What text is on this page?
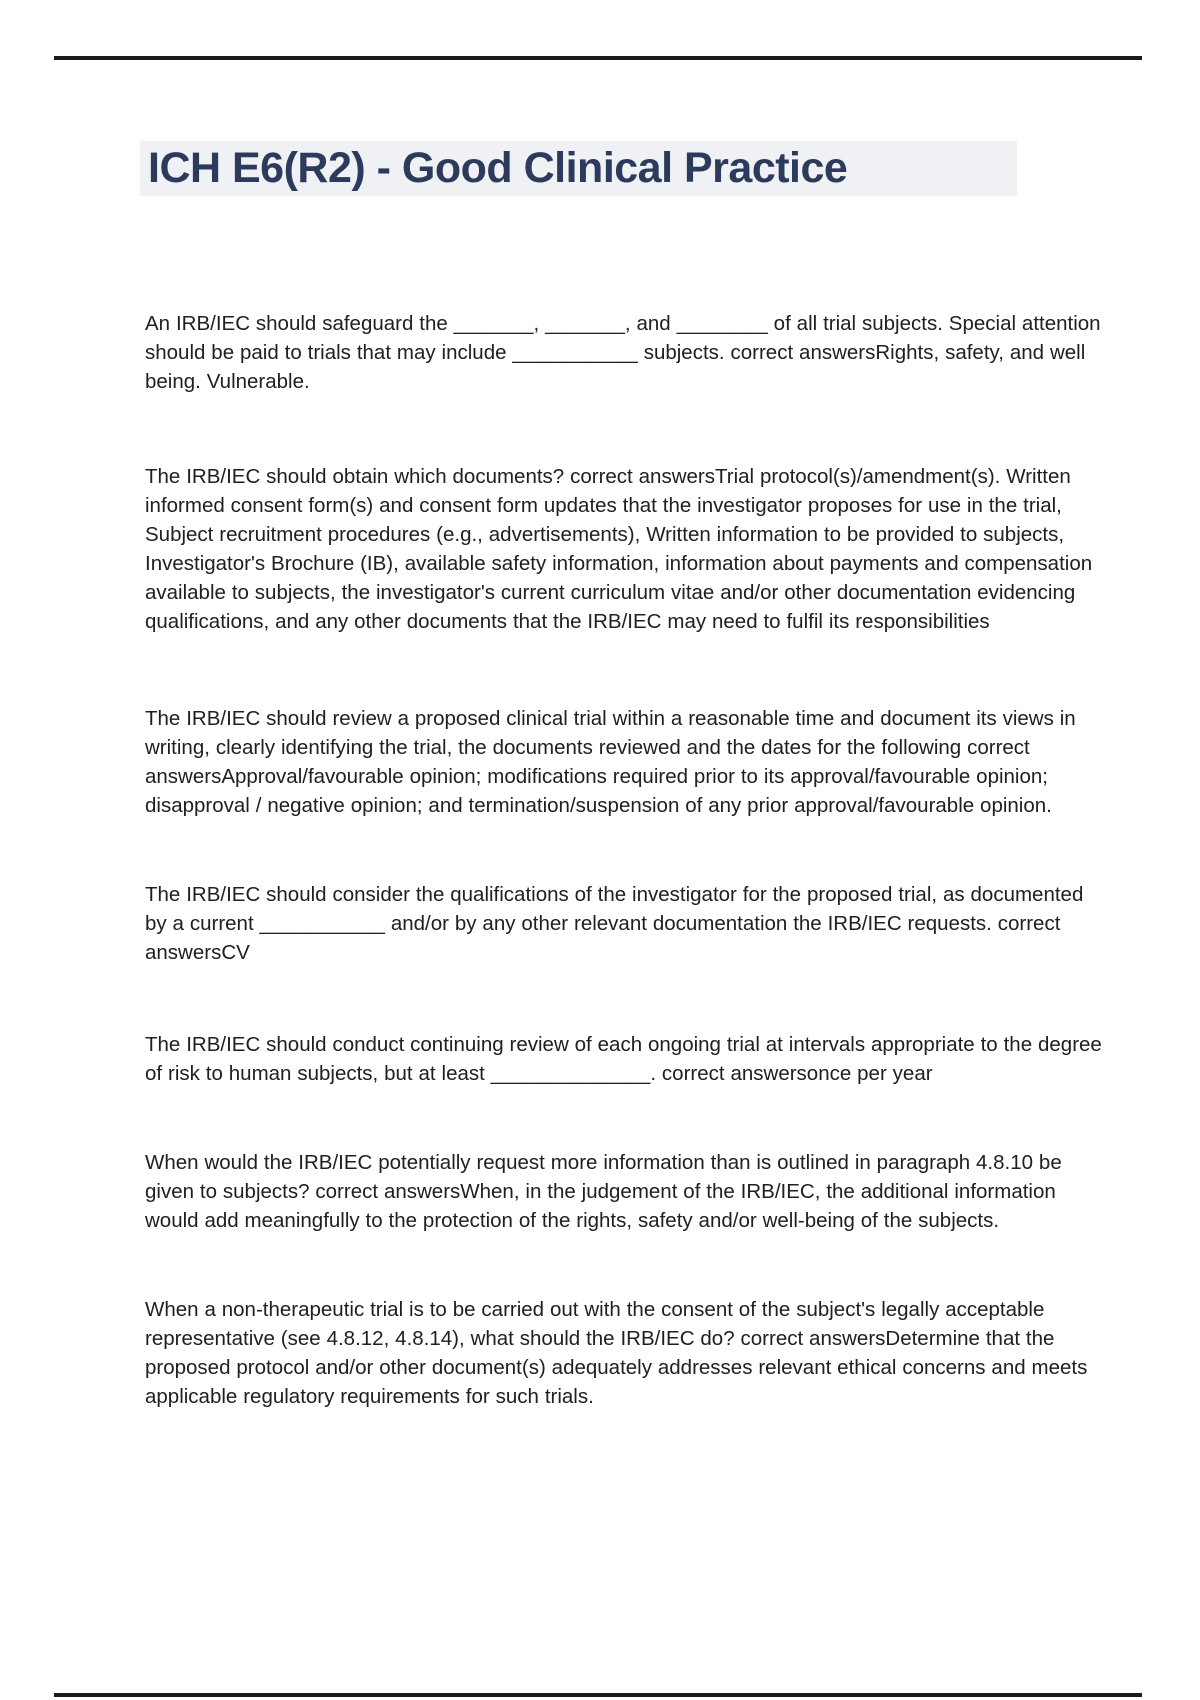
ICH E6(R2) - Good Clinical Practice

An IRB/IEC should safeguard the _______, _______, and ________ of all trial subjects. Special attention should be paid to trials that may include ___________ subjects. correct answersRights, safety, and well being. Vulnerable.

The IRB/IEC should obtain which documents? correct answersTrial protocol(s)/amendment(s). Written informed consent form(s) and consent form updates that the investigator proposes for use in the trial, Subject recruitment procedures (e.g., advertisements), Written information to be provided to subjects, Investigator's Brochure (IB), available safety information, information about payments and compensation available to subjects, the investigator's current curriculum vitae and/or other documentation evidencing qualifications, and any other documents that the IRB/IEC may need to fulfil its responsibilities

The IRB/IEC should review a proposed clinical trial within a reasonable time and document its views in writing, clearly identifying the trial, the documents reviewed and the dates for the following correct answersApproval/favourable opinion; modifications required prior to its approval/favourable opinion; disapproval / negative opinion; and termination/suspension of any prior approval/favourable opinion.

The IRB/IEC should consider the qualifications of the investigator for the proposed trial, as documented by a current ___________ and/or by any other relevant documentation the IRB/IEC requests. correct answersCV

The IRB/IEC should conduct continuing review of each ongoing trial at intervals appropriate to the degree of risk to human subjects, but at least ______________. correct answersonce per year

When would the IRB/IEC potentially request more information than is outlined in paragraph 4.8.10 be given to subjects? correct answersWhen, in the judgement of the IRB/IEC, the additional information would add meaningfully to the protection of the rights, safety and/or well-being of the subjects.

When a non-therapeutic trial is to be carried out with the consent of the subject's legally acceptable representative (see 4.8.12, 4.8.14), what should the IRB/IEC do? correct answersDetermine that the proposed protocol and/or other document(s) adequately addresses relevant ethical concerns and meets applicable regulatory requirements for such trials.
